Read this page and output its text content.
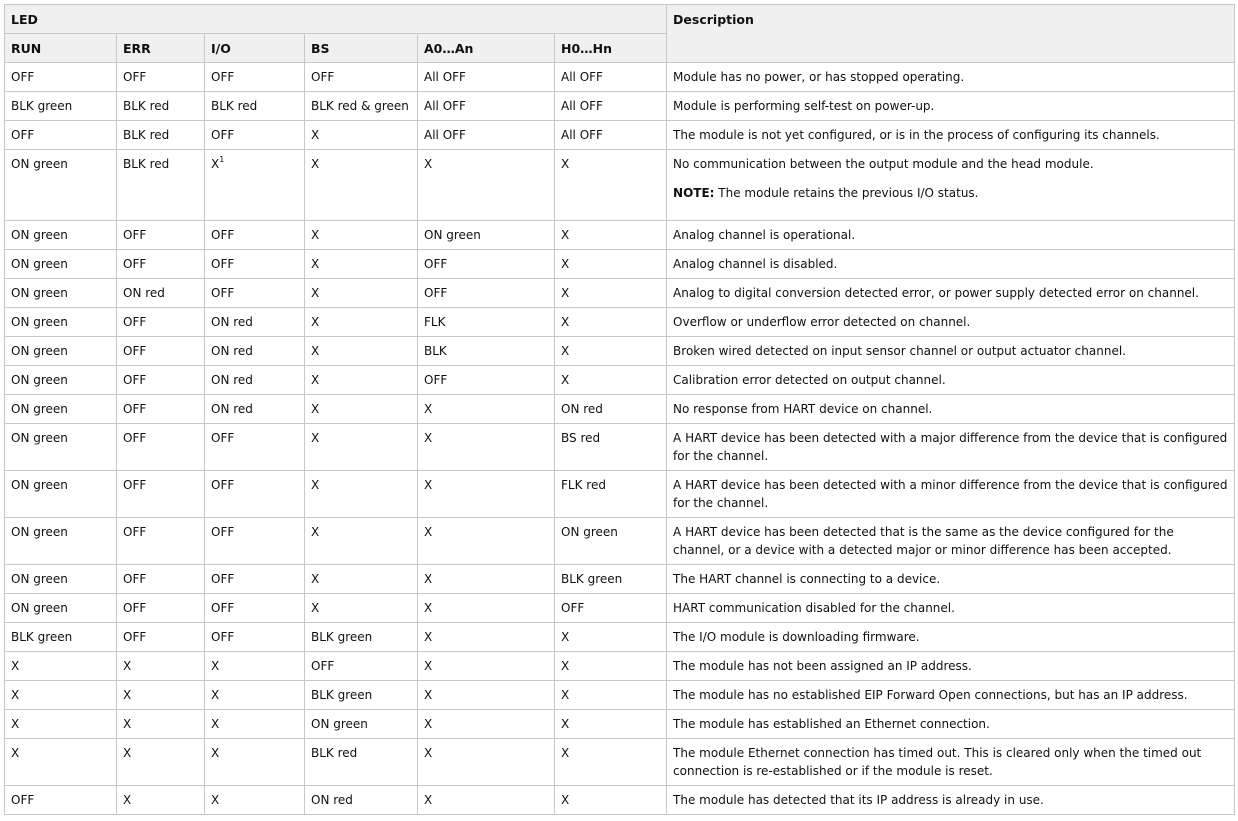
LED						Description
RUN	ERR	I/O	BS	A0…An	H0…Hn	
OFF	OFF	OFF	OFF	All OFF	All OFF	Module has no power, or has stopped operating.

BLK green	BLK red	BLK red	BLK red & green	All OFF	All OFF	Module is performing self-test on power-up.

OFF	BLK red	OFF	X	All OFF	All OFF	The module is not yet configured, or is in the process of configuring its channels.

ON green	BLK red	$X^1$	X	X	X	No communication between the output module and the head module.

NOTE: The module retains the previous I/O status.

ON green	OFF	OFF	X	ON green	X	Analog channel is operational.

ON green	OFF	OFF	X	OFF	X	Analog channel is disabled.

ON green	ON red	OFF	X	OFF	X	Analog to digital conversion detected error, or power supply detected error on channel.

ON green	OFF	ON red	X	FLK	X	Overflow or underflow error detected on channel.

ON green	OFF	ON red	X	BLK	X	Broken wired detected on input sensor channel or output actuator channel.

ON green	OFF	ON red	X	OFF	X	Calibration error detected on output channel.

ON green	OFF	ON red	X	X	ON red	No response from HART device on channel.

ON green	OFF	OFF	X	X	BS red	A HART device has been detected with a major difference from the device that is configured for the channel.

ON green	OFF	OFF	X	X	FLK red	A HART device has been detected with a minor difference from the device that is configured for the channel.

ON green	OFF	OFF	X	X	ON green	A HART device has been detected that is the same as the device configured for the channel, or a device with a detected major or minor difference has been accepted.

ON green	OFF	OFF	X	X	BLK green	The HART channel is connecting to a device.

ON green	OFF	OFF	X	X	OFF	HART communication disabled for the channel.

BLK green	OFF	OFF	BLK green	X	X	The I/O module is downloading firmware.

X	X	X	OFF	X	X	The module has not been assigned an IP address.

X	X	X	BLK green	X	X	The module has no established EIP Forward Open connections, but has an IP address.

X	X	X	ON green	X	X	The module has established an Ethernet connection.

X	X	X	BLK red	X	X	The module Ethernet connection has timed out. This is cleared only when the timed out connection is re-established or if the module is reset.

OFF	X	X	ON red	X	X	The module has detected that its IP address is already in use.
